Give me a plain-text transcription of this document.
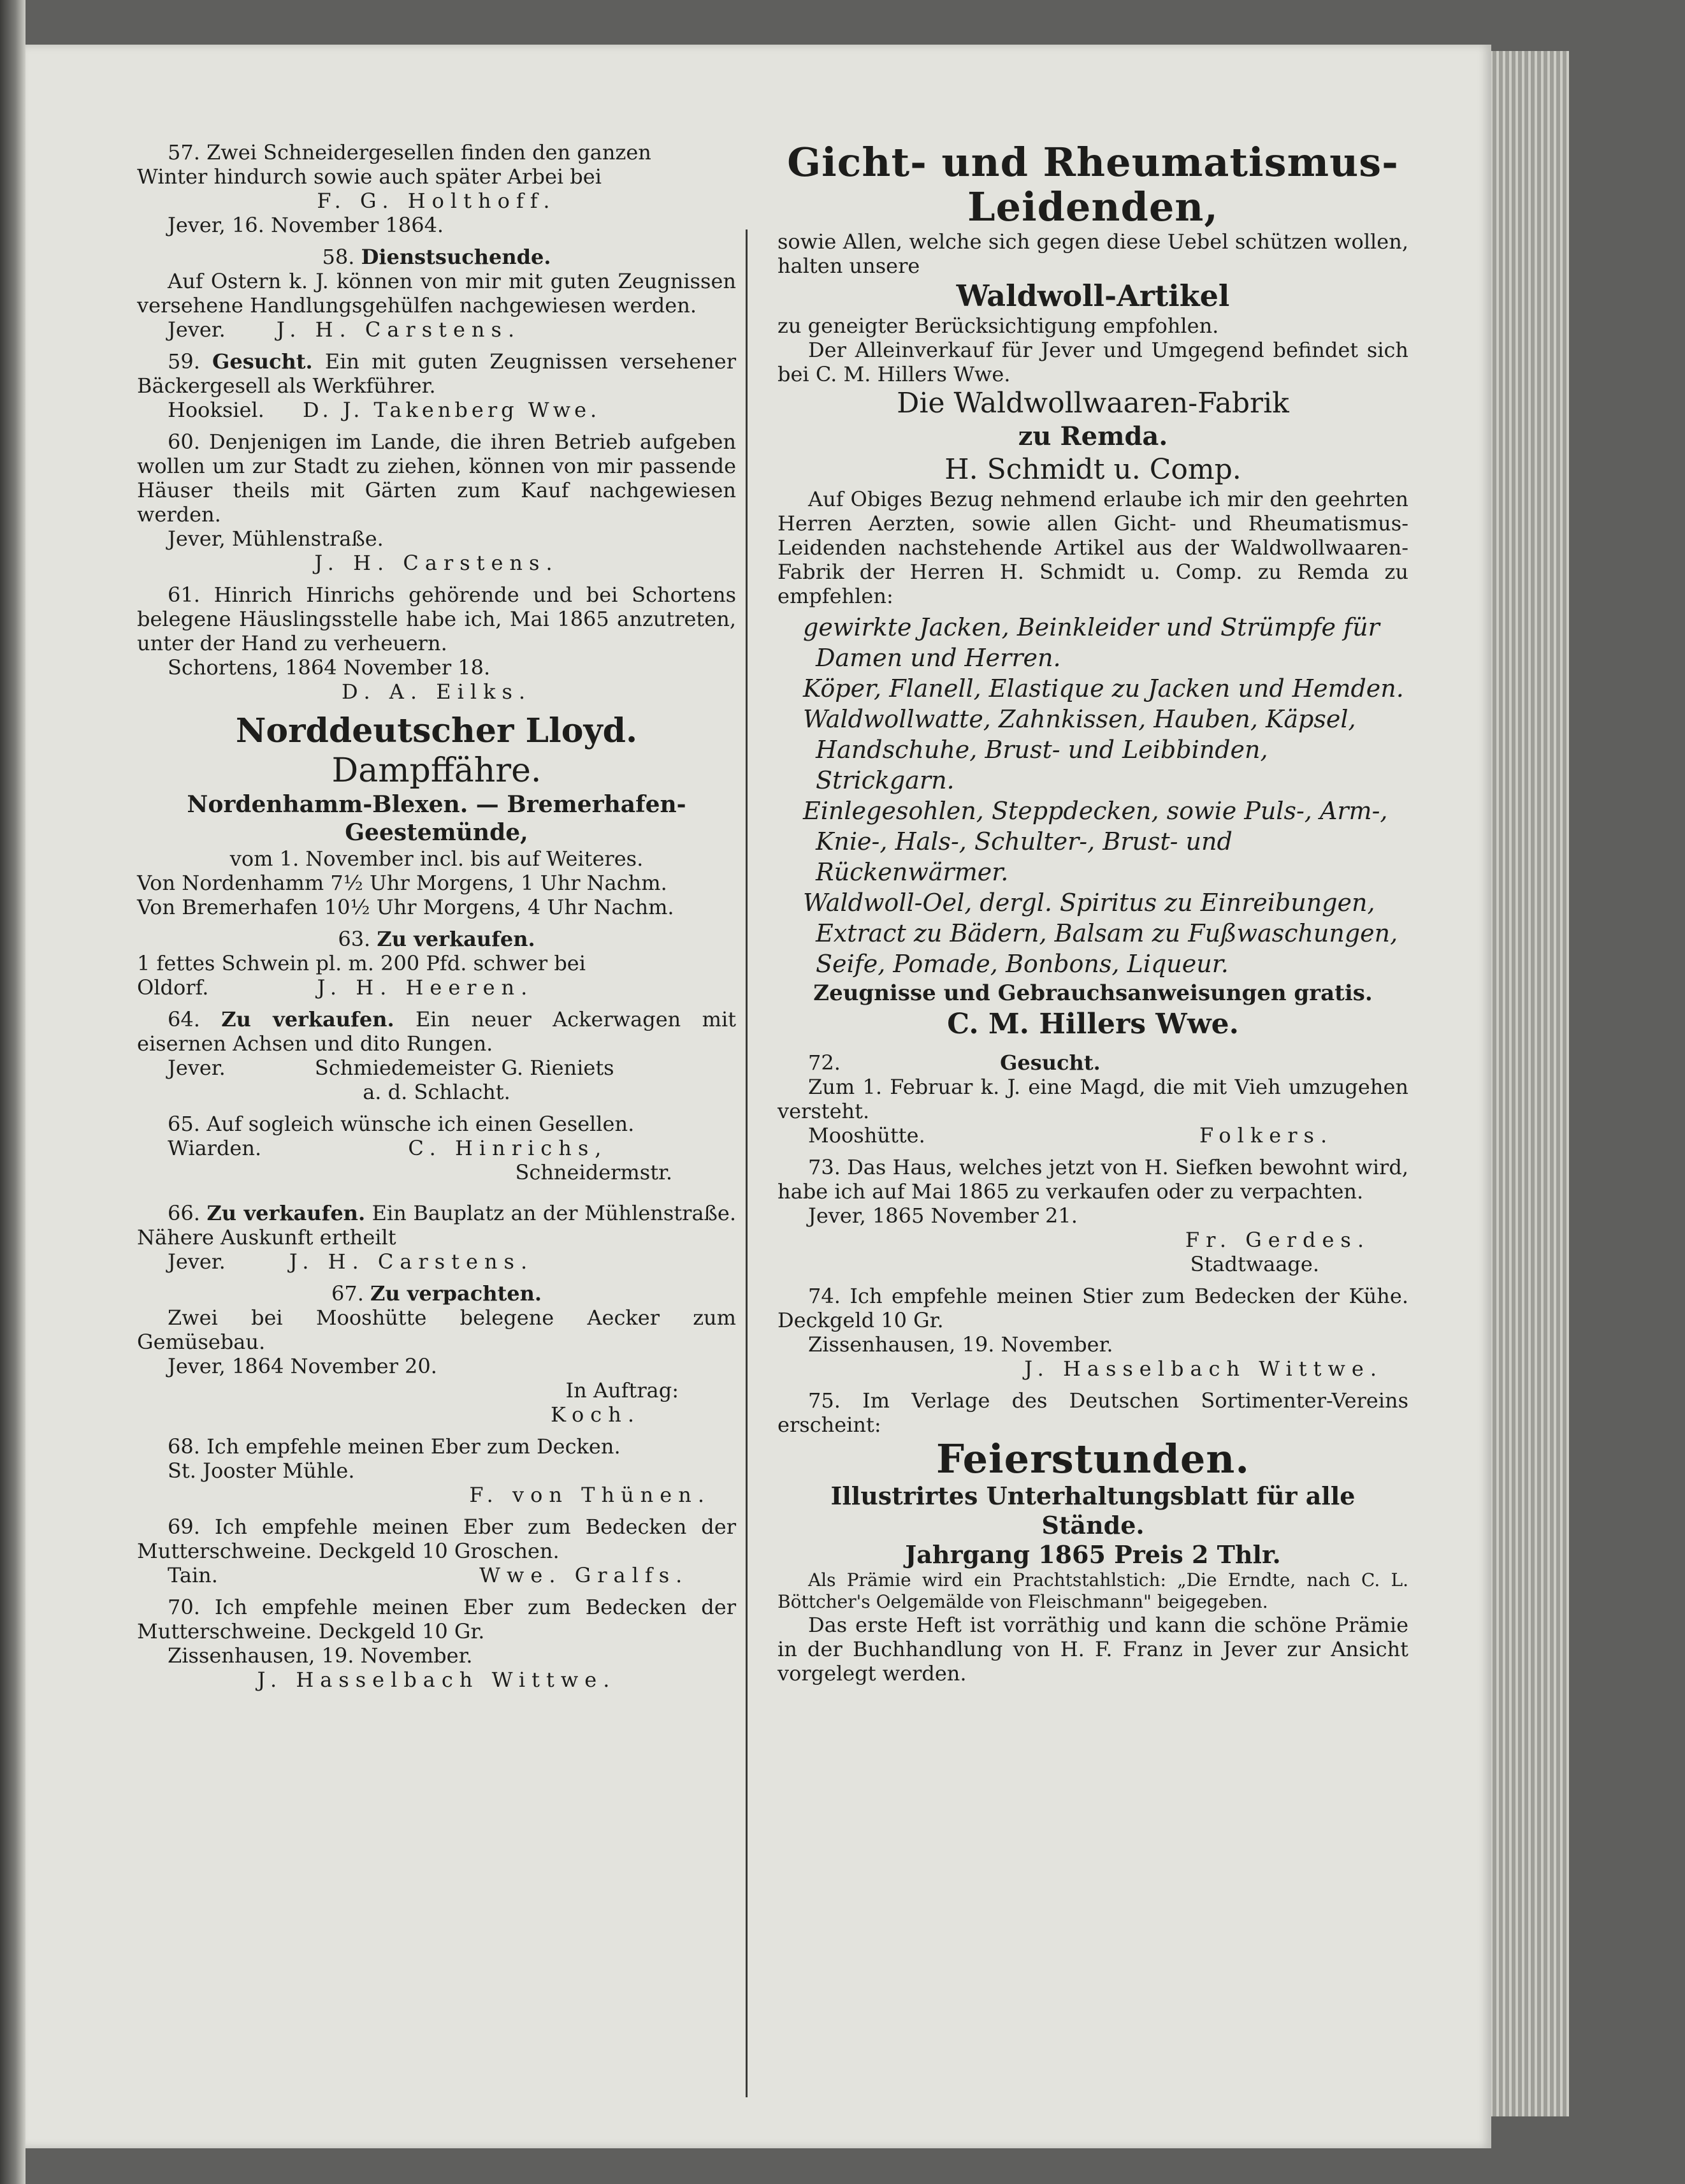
57. Zwei Schneidergesellen finden den ganzen
Winter hindurch sowie auch später Arbei bei
F. G. Holthoff.
Jever, 16. November 1864.

58. Dienstsuchende.

Auf Ostern k. J. können von mir mit guten Zeugnissen versehene Handlungsgehülfen nachgewiesen werden.

Jever.	J. H. Carstens.

59. Gesucht. Ein mit guten Zeugnissen versehener Bäckergesell als Werkführer.

Hooksiel. D. J. Takenberg Wwe.

60. Denjenigen im Lande, die ihren Betrieb aufgeben wollen um zur Stadt zu ziehen, können von mir passende Häuser theils mit Gärten zum Kauf nachgewiesen werden.

Jever, Mühlenstraße.
J. H. Carstens.

61. Hinrich Hinrichs gehörende und bei Schortens belegene Häuslingsstelle habe ich, Mai 1865 anzutreten, unter der Hand zu verheuern.

Schortens, 1864 November 18.
D. A. Eilks.
Norddeutscher Lloyd.
Dampffähre.
Nordenhamm-Blexen. — Bremerhafen-
Geestemünde,
vom 1. November incl. bis auf Weiteres.
Von Nordenhamm 7½ Uhr Morgens, 1 Uhr Nachm.
Von Bremerhafen 10½ Uhr Morgens, 4 Uhr Nachm.

63. Zu verkaufen.

1 fettes Schwein pl. m. 200 Pfd. schwer bei

Oldorf.	J. H. Heeren.

64. Zu verkaufen. Ein neuer Ackerwagen mit eisernen Achsen und dito Rungen.

Jever.	Schmiedemeister G. Rieniets

a. d. Schlacht.

65. Auf sogleich wünsche ich einen Gesellen.

Wiarden.	C. Hinrichs,

Schneidermstr.

66. Zu verkaufen. Ein Bauplatz an der Mühlenstraße. Nähere Auskunft ertheilt

Jever.	J. H. Carstens.

67. Zu verpachten.

Zwei bei Mooshütte belegene Aecker zum Gemüsebau.

Jever, 1864 November 20.
In Auftrag:
Koch.

68. Ich empfehle meinen Eber zum Decken.

St. Jooster Mühle.
F. von Thünen.

69. Ich empfehle meinen Eber zum Bedecken der Mutterschweine. Deckgeld 10 Groschen.

Tain.	Wwe. Gralfs.

70. Ich empfehle meinen Eber zum Bedecken der Mutterschweine. Deckgeld 10 Gr.

Zissenhausen, 19. November.
J. Hasselbach Wittwe.
Gicht- und Rheumatismus-
Leidenden,

sowie Allen, welche sich gegen diese Uebel schützen wollen, halten unsere

Waldwoll-Artikel

zu geneigter Berücksichtigung empfohlen.

Der Alleinverkauf für Jever und Umgegend befindet sich bei C. M. Hillers Wwe.

Die Waldwollwaaren-Fabrik
zu Remda.
H. Schmidt u. Comp.

Auf Obiges Bezug nehmend erlaube ich mir den geehrten Herren Aerzten, sowie allen Gicht- und Rheumatismus-Leidenden nachstehende Artikel aus der Waldwollwaaren-Fabrik der Herren H. Schmidt u. Comp. zu Remda zu empfehlen:

gewirkte Jacken, Beinkleider und Strümpfe für Damen und Herren.

Köper, Flanell, Elastique zu Jacken und Hemden.

Waldwollwatte, Zahnkissen, Hauben, Käpsel, Handschuhe, Brust- und Leibbinden, Strickgarn.

Einlegesohlen, Steppdecken, sowie Puls-, Arm-, Knie-, Hals-, Schulter-, Brust- und Rückenwärmer.

Waldwoll-Oel, dergl. Spiritus zu Einreibungen, Extract zu Bädern, Balsam zu Fußwaschungen, Seife, Pomade, Bonbons, Liqueur.

Zeugnisse und Gebrauchsanweisungen gratis.
C. M. Hillers Wwe.

72.	Gesucht.

Zum 1. Februar k. J. eine Magd, die mit Vieh umzugehen versteht.

Mooshütte.	Folkers.

73. Das Haus, welches jetzt von H. Siefken bewohnt wird, habe ich auf Mai 1865 zu verkaufen oder zu verpachten.

Jever, 1865 November 21.
Fr. Gerdes.
Stadtwaage.

74. Ich empfehle meinen Stier zum Bedecken der Kühe. Deckgeld 10 Gr.

Zissenhausen, 19. November.
J. Hasselbach Wittwe.

75. Im Verlage des Deutschen Sortimenter-Vereins erscheint:

Feierstunden.
Illustrirtes Unterhaltungsblatt für alle
Stände.
Jahrgang 1865 Preis 2 Thlr.

Als Prämie wird ein Prachtstahlstich: „Die Erndte, nach C. L. Böttcher's Oelgemälde von Fleischmann" beigegeben.

Das erste Heft ist vorräthig und kann die schöne Prämie in der Buchhandlung von H. F. Franz in Jever zur Ansicht vorgelegt werden.
